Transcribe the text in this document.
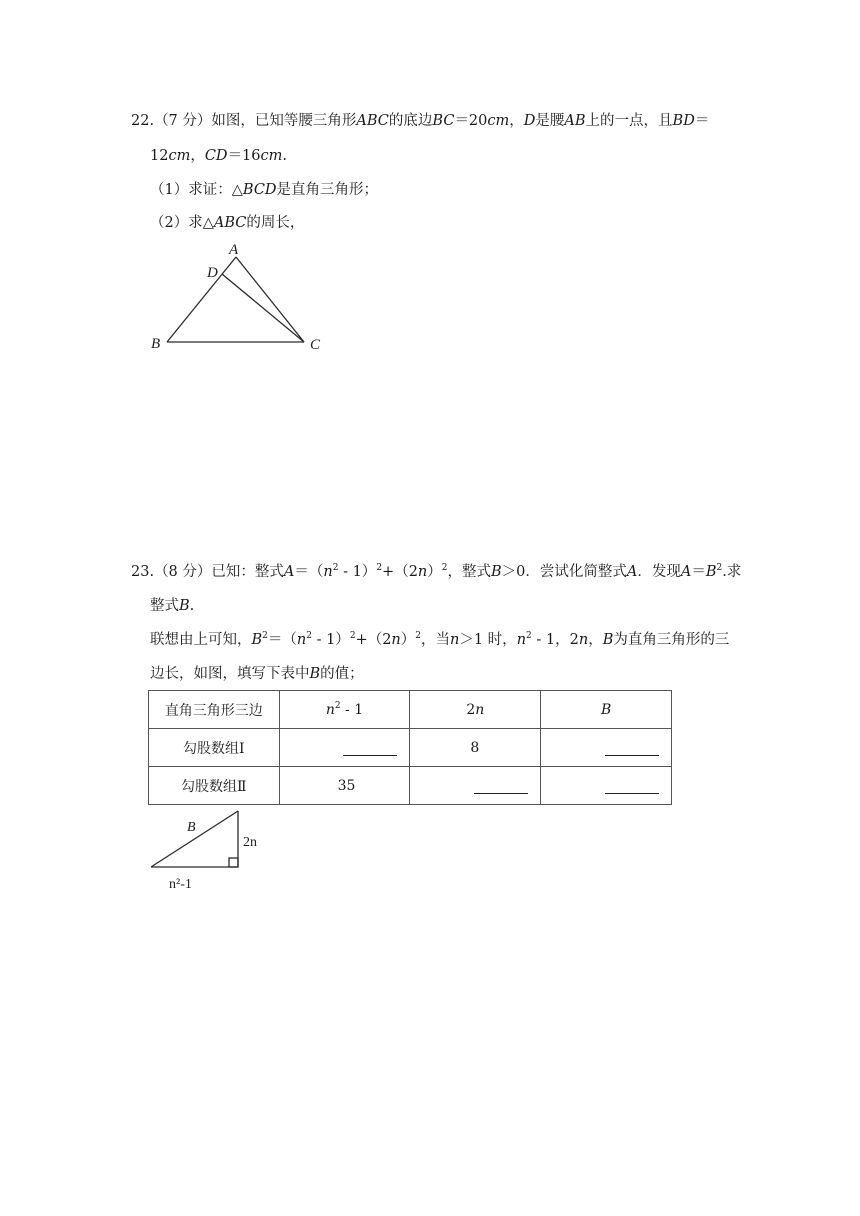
22.（7 分）如图，已知等腰三角形ABC的底边BC＝20cm，D是腰AB上的一点，且BD＝
12cm，CD＝16cm.
（1）求证：△BCD是直角三角形；
（2）求△ABC的周长，
A
D
B	C
23.（8 分）已知：整式$A=(n^2 - 1)^2+(2n)^2$，整式B＞0．尝试化简整式A．发现$A=B^2$.求
整式B.
联想由上可知，$B^2=(n^2 - 1)^2+(2n)^2$，当n＞1 时，$n^2 - 1$，2n，B为直角三角形的三
边长，如图，填写下表中B的值；
直角三角形三边	$n^2 - 1$	2n	B
勾股数组Ⅰ		8	
勾股数组Ⅱ	35		
B
2n
n²-1
